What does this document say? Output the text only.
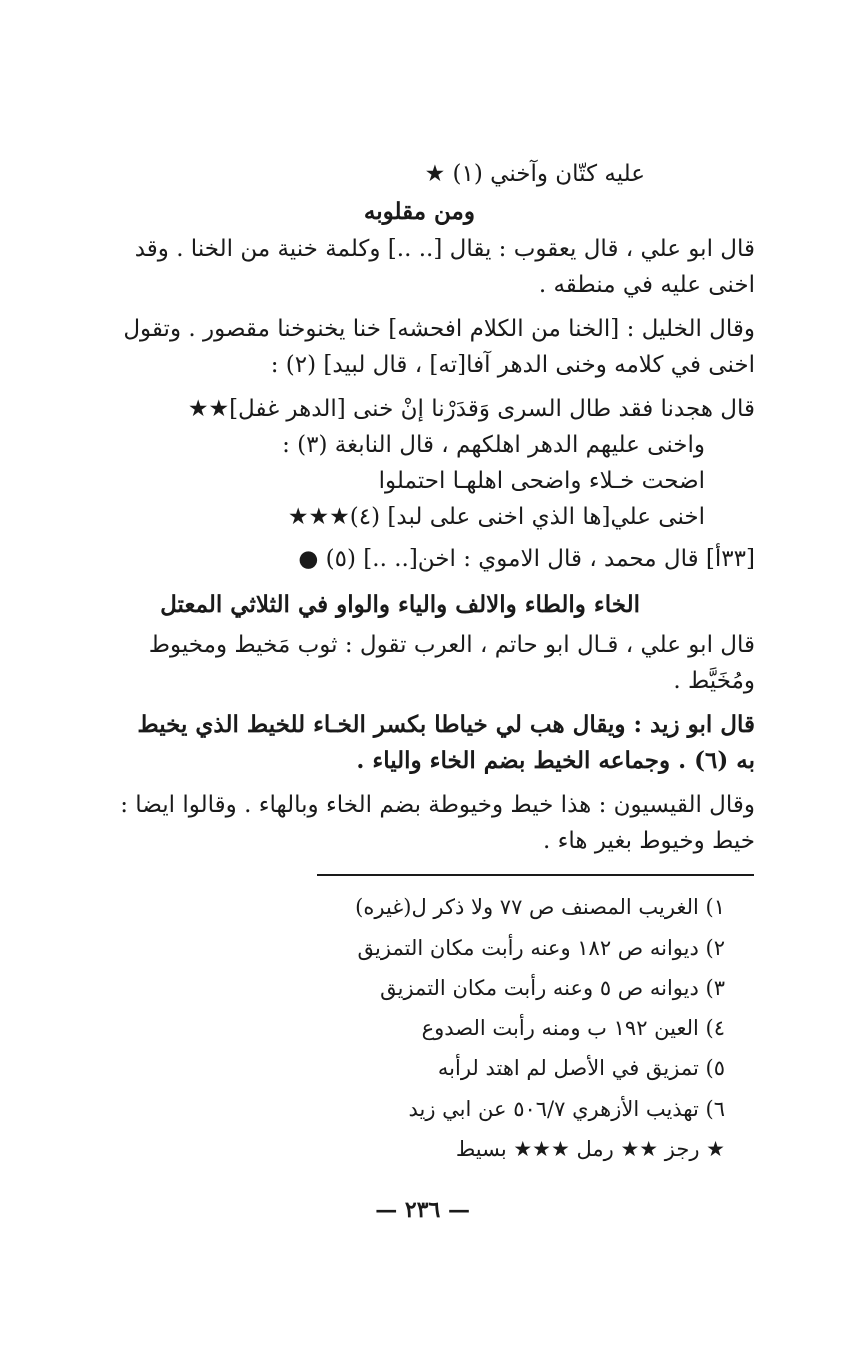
عليه كتّان وآخني (١) ★
ومن مقلوبه
قال ابو علي ، قال يعقوب : يقال [.. ..] وكلمة خنية من الخنا . وقد
اخنى عليه في منطقه .
وقال الخليل : [الخنا من الكلام افحشه] خنا يخنوخنا مقصور . وتقول
اخنى في كلامه وخنى الدهر آفا[ته] ، قال لبيد] (٢) :
قال هجدنا فقد طال السرى وَقدَرْنا إنْ خنى [الدهر غفل]★★
واخنى عليهم الدهر اهلكهم ، قال النابغة (٣) :
اضحت خـلاء واضحى اهلهـا احتملوا
اخنى علي[ها الذي اخنى على لبد] (٤)★★★
[٣٣أ] قال محمد ، قال الاموي : اخن[.. ..] (٥) ●
الخاء والطاء والالف والياء والواو في الثلاثي المعتل
قال ابو علي ، قـال ابو حاتم ، العرب تقول : ثوب مَخيط ومخيوط
ومُخَيَّط .
قال ابو زيد : ويقال هب لي خياطا بكسر الخـاء للخيط الذي يخيط
به (٦) . وجماعه الخيط بضم الخاء والياء .
وقال القيسيون : هذا خيط وخيوطة بضم الخاء وبالهاء . وقالوا ايضا :
خيط وخيوط بغير هاء .
١) الغريب المصنف ص ٧٧ ولا ذكر ل(غيره)
٢) ديوانه ص ١٨٢ وعنه رأبت مكان التمزيق
٣) ديوانه ص ٥ وعنه رأبت مكان التمزيق
٤) العين ١٩٢ ب ومنه رأبت الصدوع
٥) تمزيق في الأصل لم اهتد لرأبه
٦) تهذيب الأزهري ٥٠٦/٧ عن ابي زيد
★ رجز ★★ رمل ★★★ بسيط
— ٢٣٦ —
